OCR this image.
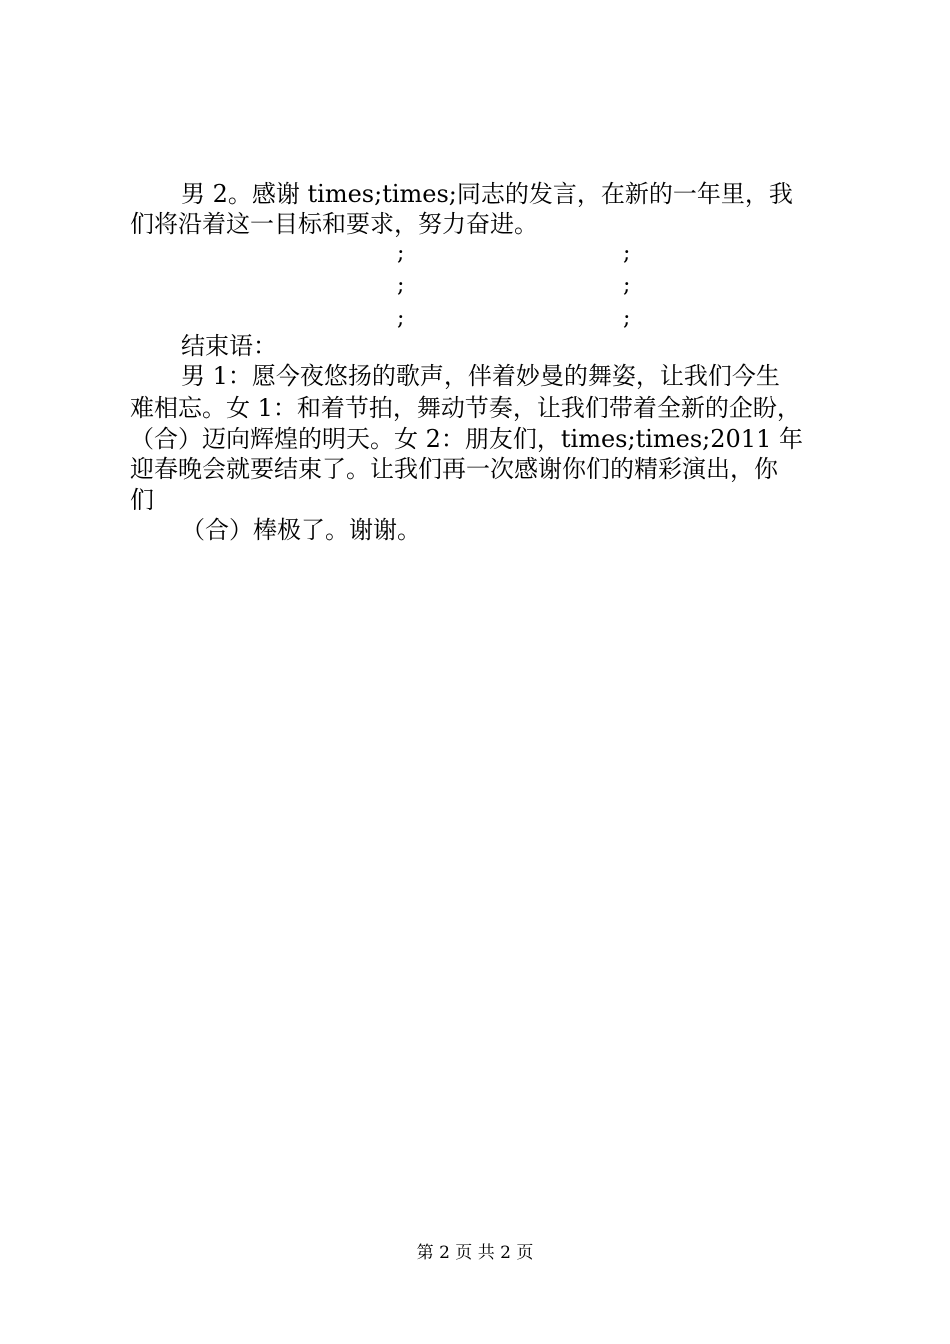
男 2。感谢 times;times;同志的发言，在新的一年里，我
们将沿着这一目标和要求，努力奋进。
;	;
;	;
;	;
结束语：
男 1：愿今夜悠扬的歌声，伴着妙曼的舞姿，让我们今生
难相忘。女 1：和着节拍，舞动节奏，让我们带着全新的企盼，
（合）迈向辉煌的明天。女 2：朋友们，times;times;2011 年
迎春晚会就要结束了。让我们再一次感谢你们的精彩演出，你
们
（合）棒极了。谢谢。
第 2 页 共 2 页
